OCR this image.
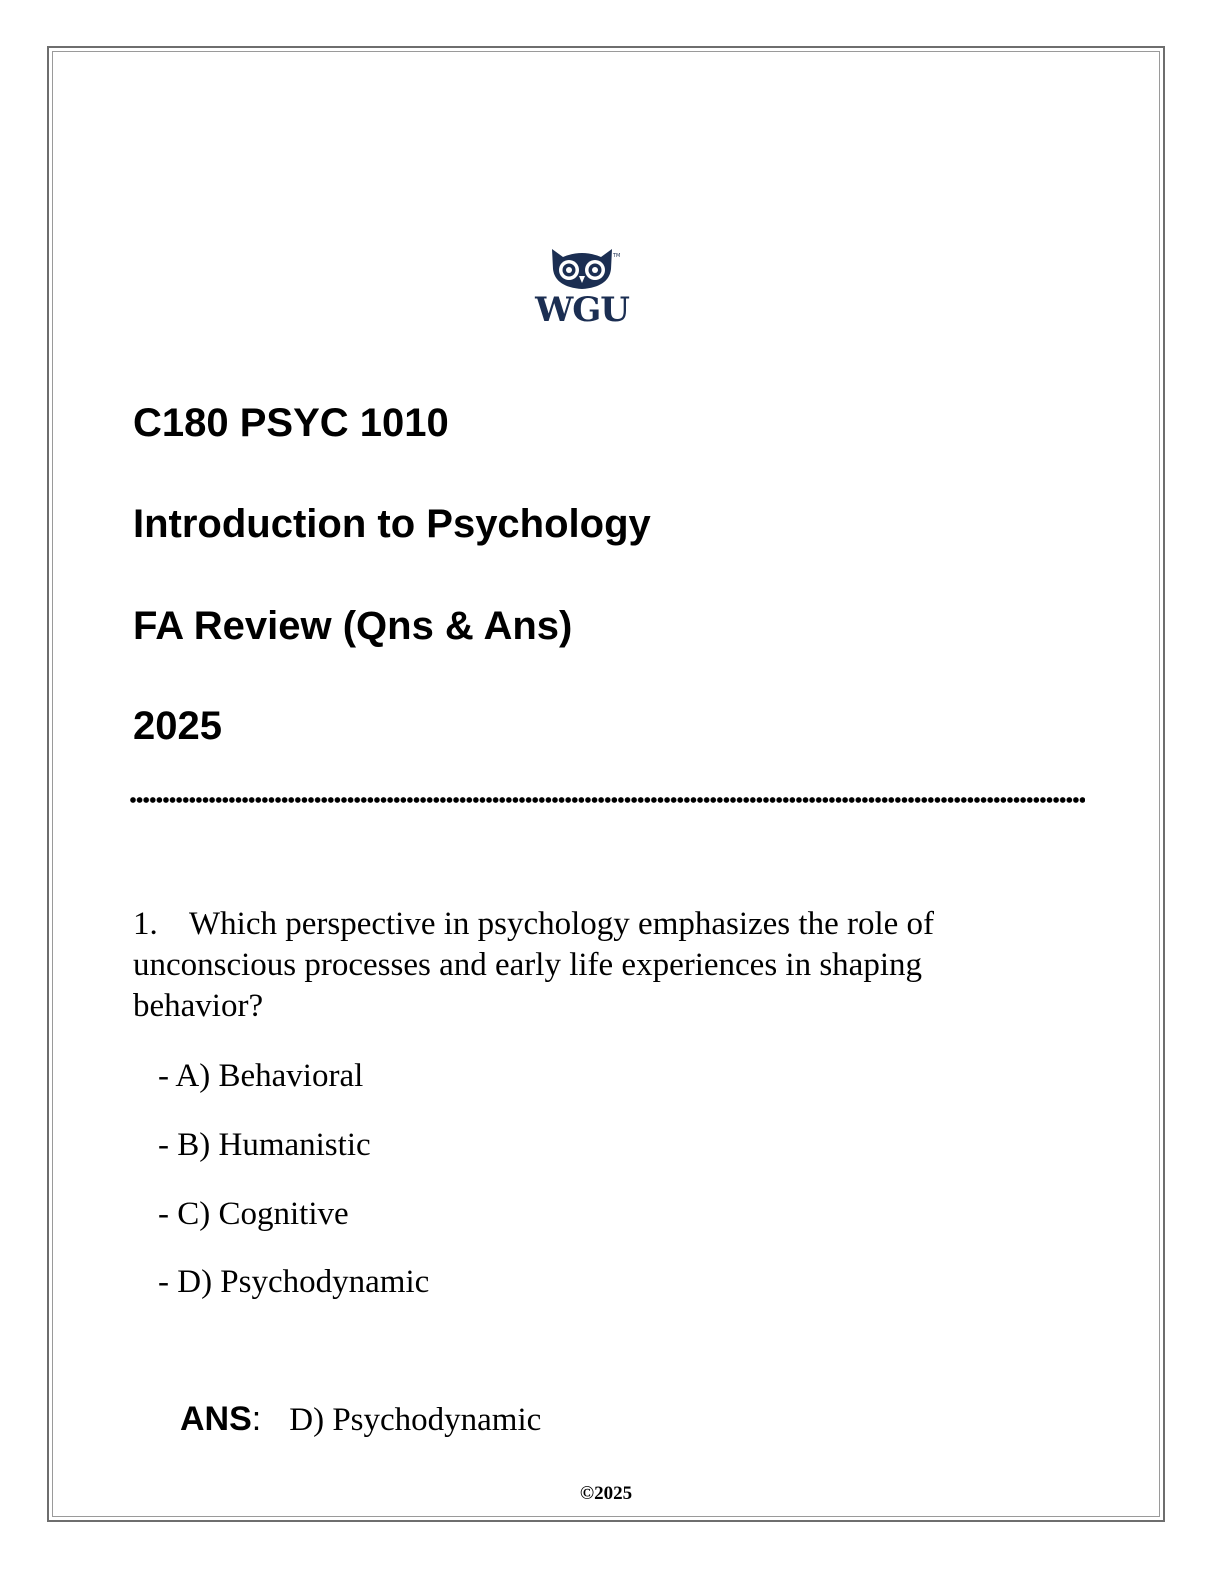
TM
WGU
C180 PSYC 1010
Introduction to Psychology
FA Review (Qns & Ans)
2025
1. Which perspective in psychology emphasizes the role of unconscious processes and early life experiences in shaping behavior?
- A) Behavioral
- B) Humanistic
- C) Cognitive
- D) Psychodynamic
ANS: D) Psychodynamic
©2025
